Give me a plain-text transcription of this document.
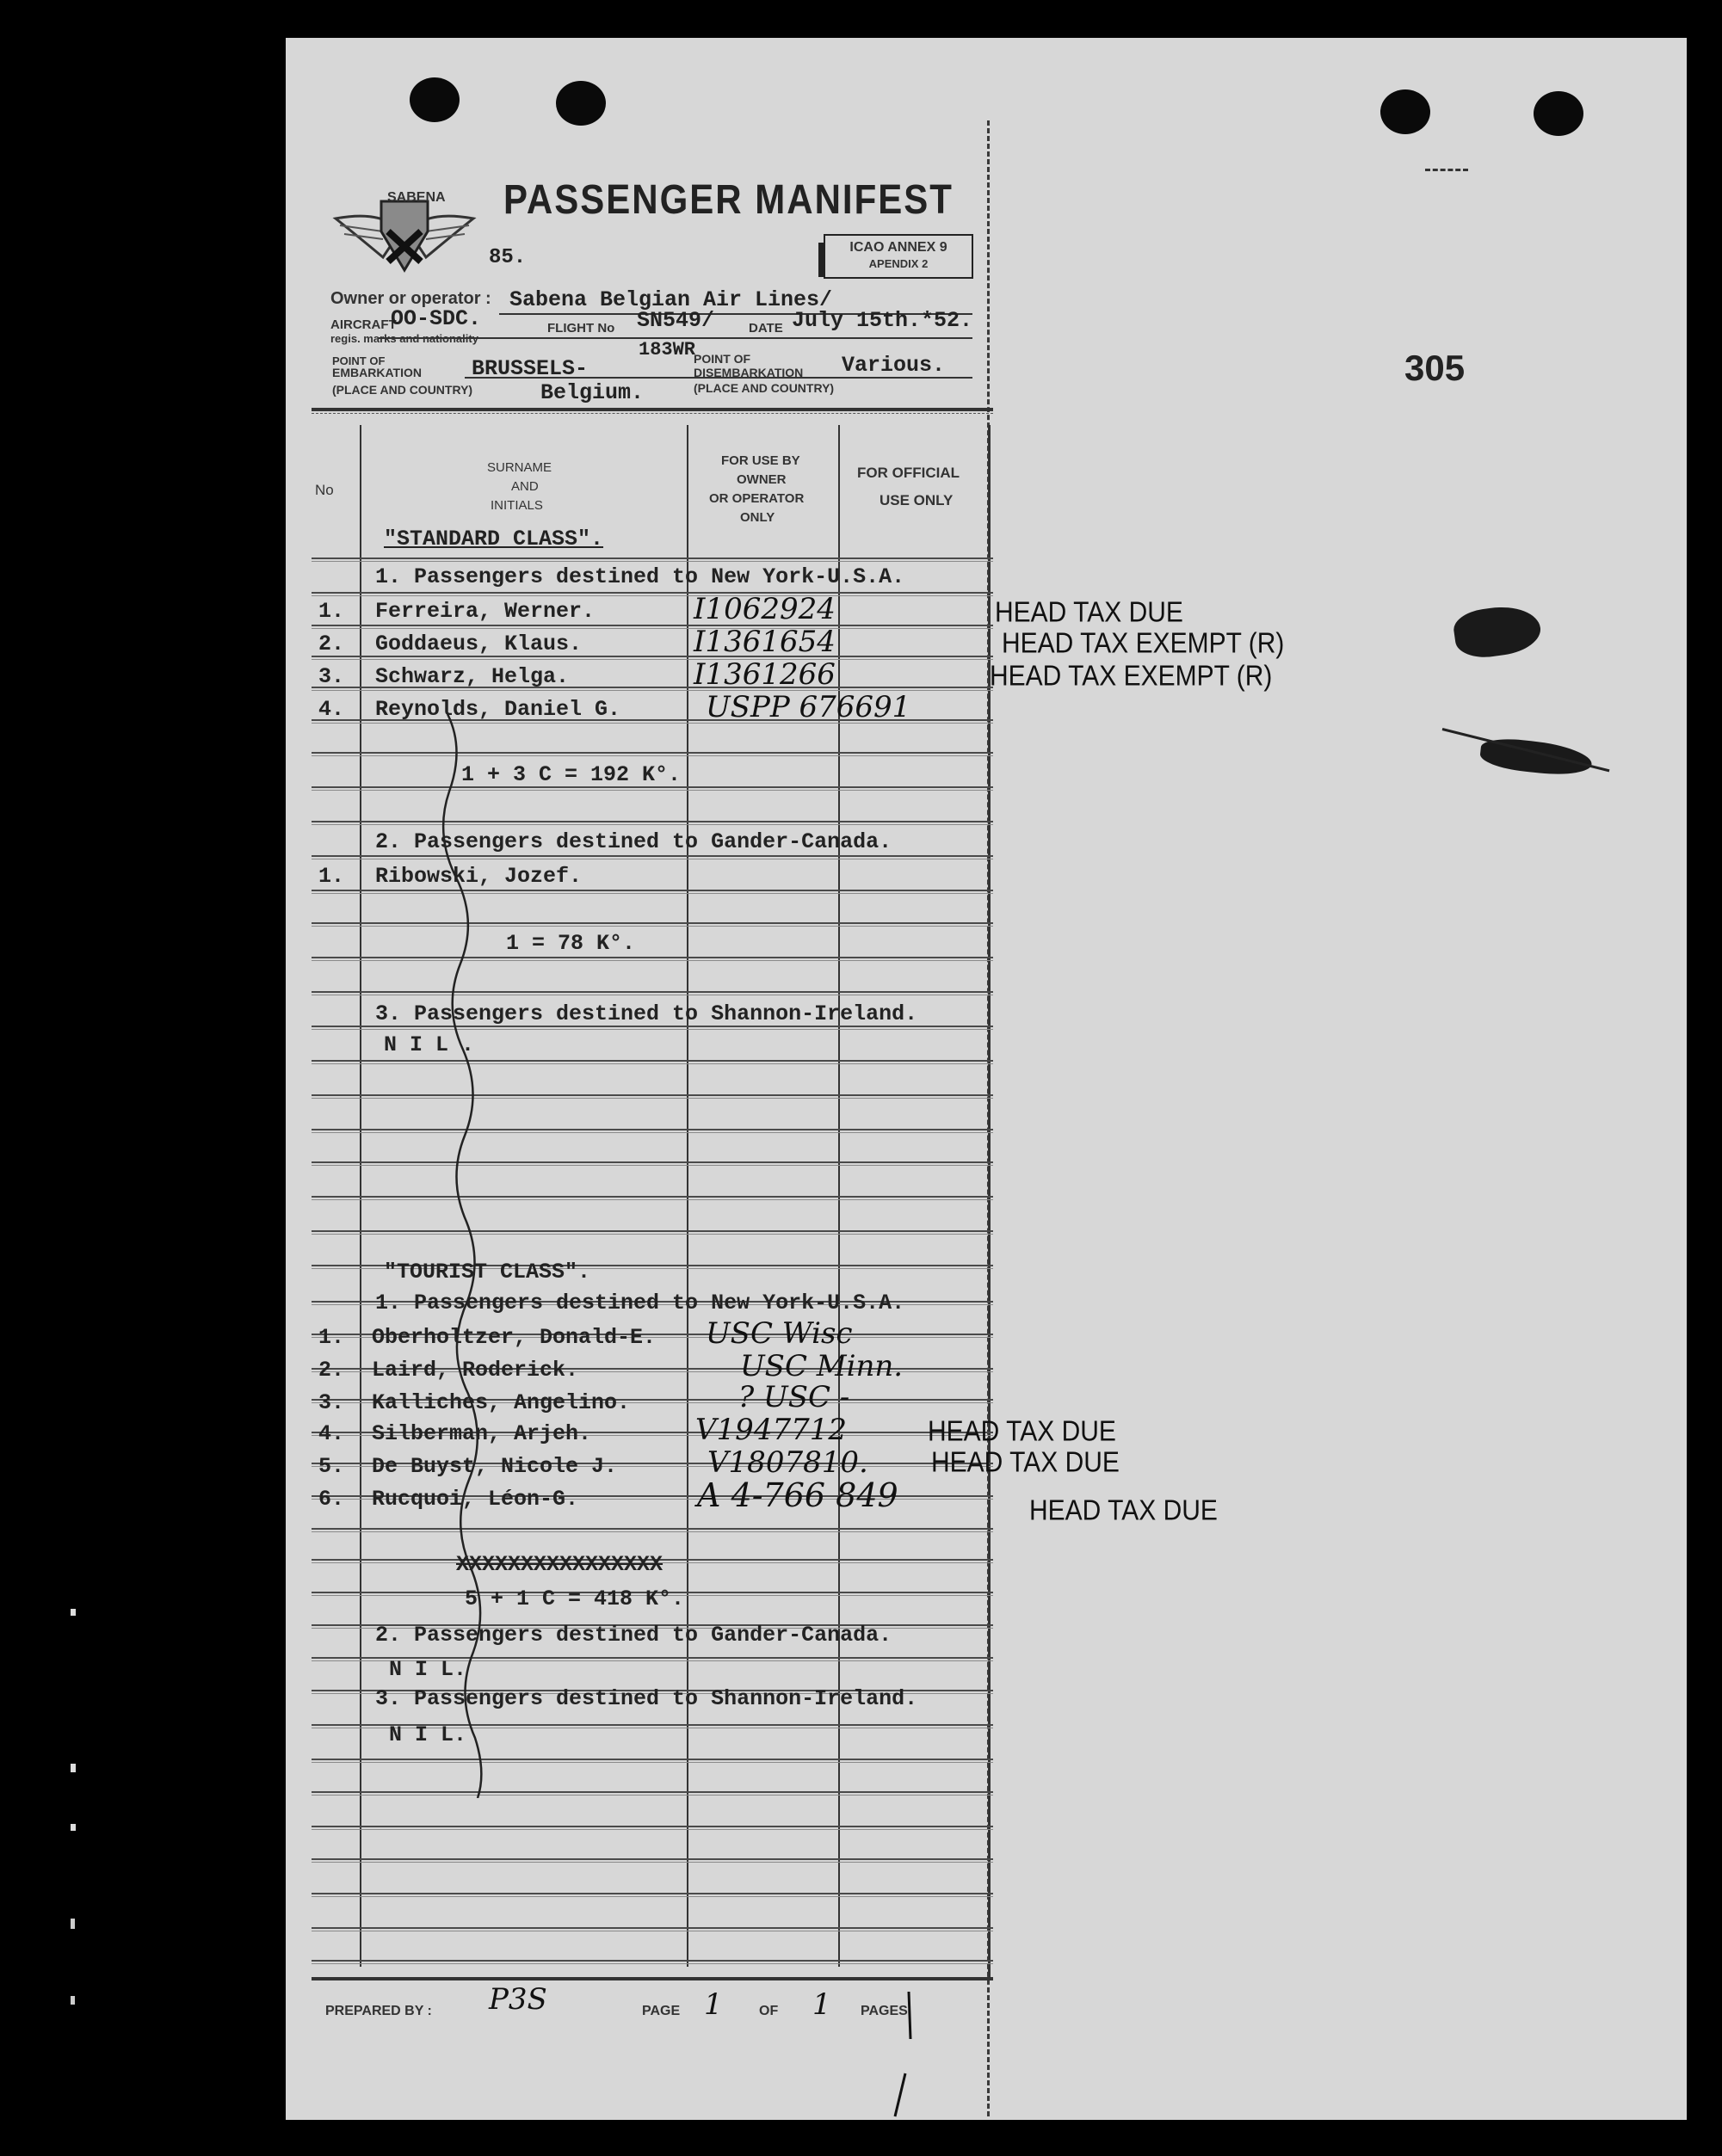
SABENA PASSENGER MANIFEST
85.	ICAO ANNEX 9
APENDIX 2
305
Owner or operator : Sabena Belgian Air Lines/
AIRCRAFT
regis. marks and nationality
OO-SDC.	FLIGHT No SN549/	DATE July 15th.*52.
183WR
POINT OF
EMBARKATION
(PLACE AND COUNTRY)
BRUSSELS-
Belgium.
POINT OF
DISEMBARKATION
(PLACE AND COUNTRY)
Various.
No
SURNAME
AND
INITIALS
FOR USE BY
OWNER
OR OPERATOR
ONLY
FOR OFFICIAL
USE ONLY
"STANDARD CLASS".
1. Passengers destined to New York-U.S.A.
1. Ferreira, Werner.	I1062924	HEAD TAX DUE
2. Goddaeus, Klaus.	I1361654	HEAD TAX EXEMPT (R)
3. Schwarz, Helga.	I1361266	HEAD TAX EXEMPT (R)
4. Reynolds, Daniel G.	USPP 676691
1 + 3 C = 192 K°.
2. Passengers destined to Gander-Canada.
1. Ribowski, Jozef.
1 = 78 K°.
3. Passengers destined to Shannon-Ireland.
N I L .
"TOURIST CLASS".
1. Passengers destined to New York-U.S.A.
1. Oberholtzer, Donald-E. USC Wisc
2. Laird, Roderick.	USC Minn.
3. Kalliches, Angelino.	? USC -
4. Silberman, Arjeh.	V1947712	HEAD TAX DUE
5. De Buyst, Nicole J.	V1807810. HEAD TAX DUE
6. Rucquoi, Léon-G.	A 4-766 849	HEAD TAX DUE
XXXXXXXXXXXXXXXX
5 + 1 C = 418 K°.
2. Passengers destined to Gander-Canada.
N I L.
3. Passengers destined to Shannon-Ireland.
N I L.
PREPARED BY : P3S	PAGE 1	OF 1 PAGES
